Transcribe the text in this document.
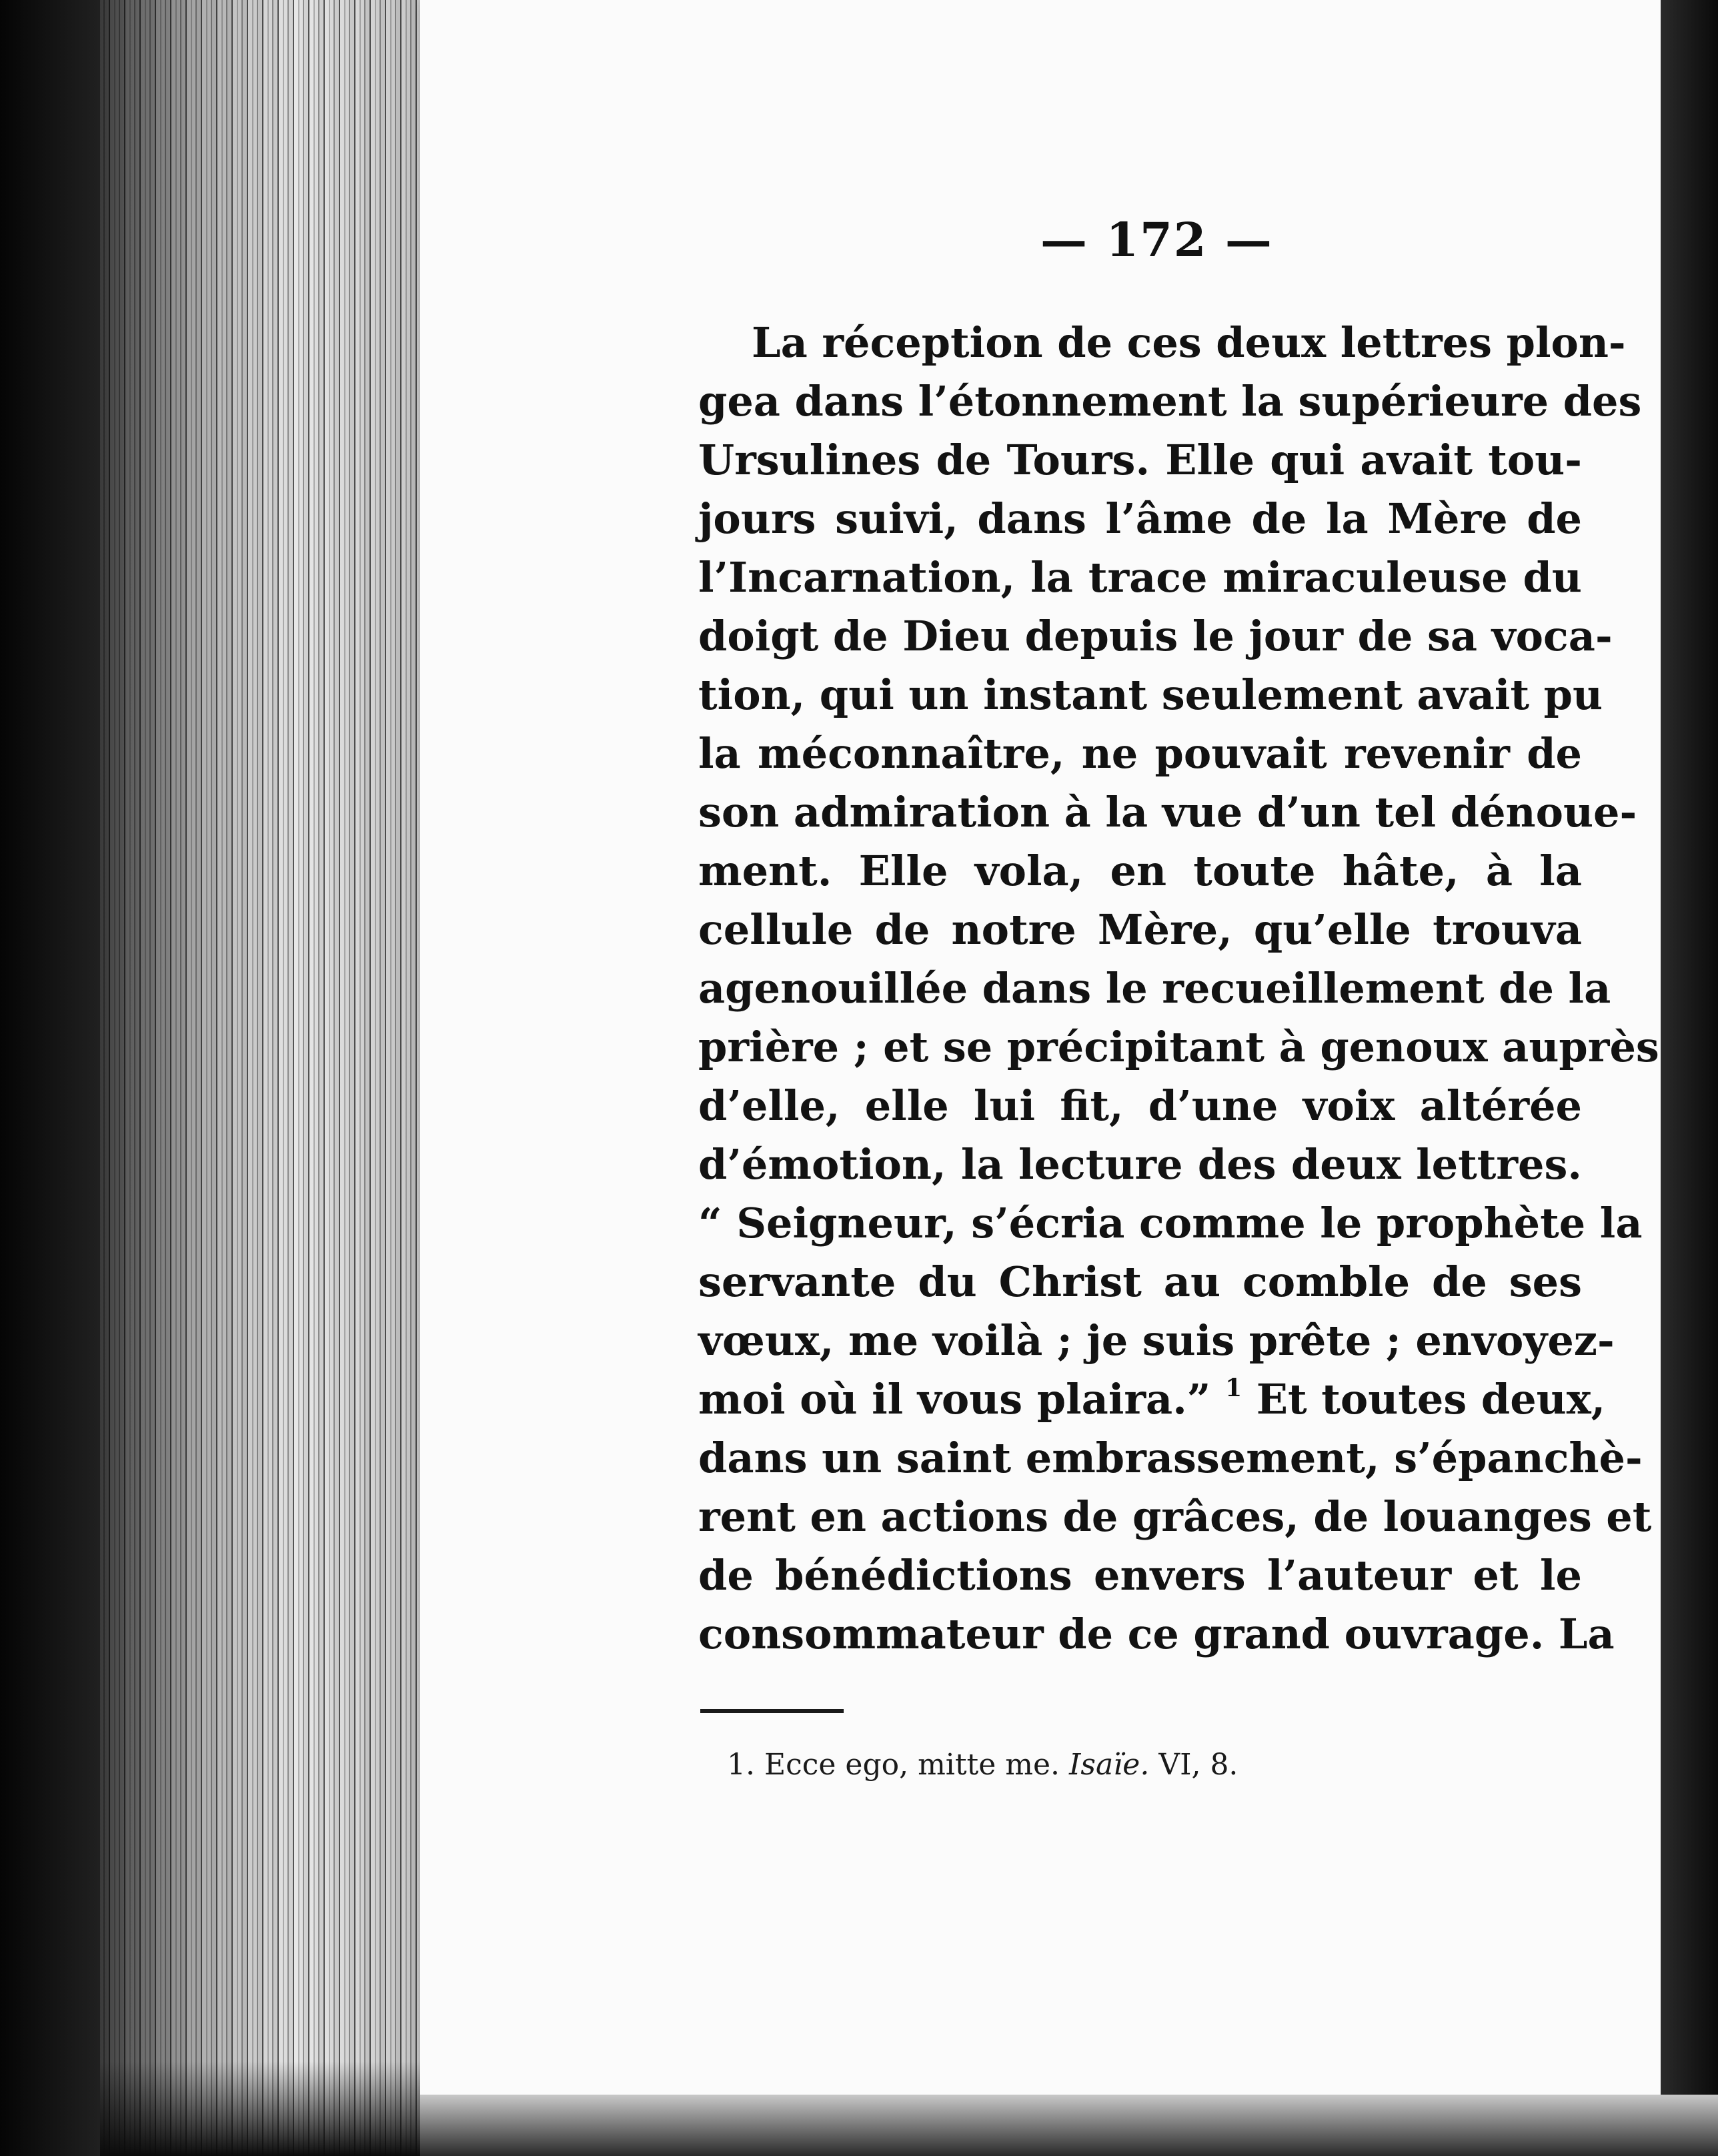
— 172 —
La réception de ces deux lettres plon-
gea dans l’étonnement la supérieure des
Ursulines de Tours. Elle qui avait tou-
jours suivi, dans l’âme de la Mère de
l’Incarnation, la trace miraculeuse du
doigt de Dieu depuis le jour de sa voca-
tion, qui un instant seulement avait pu
la méconnaître, ne pouvait revenir de
son admiration à la vue d’un tel dénoue-
ment. Elle vola, en toute hâte, à la
cellule de notre Mère, qu’elle trouva
agenouillée dans le recueillement de la
prière ; et se précipitant à genoux auprès
d’elle, elle lui fit, d’une voix altérée
d’émotion, la lecture des deux lettres.
“ Seigneur, s’écria comme le prophète la
servante du Christ au comble de ses
vœux, me voilà ; je suis prête ; envoyez-
moi où il vous plaira.” $^1$ Et toutes deux,
dans un saint embrassement, s’épanchè-
rent en actions de grâces, de louanges et
de bénédictions envers l’auteur et le
consommateur de ce grand ouvrage. La
1. Ecce ego, mitte me. Isaïe. VI, 8.
